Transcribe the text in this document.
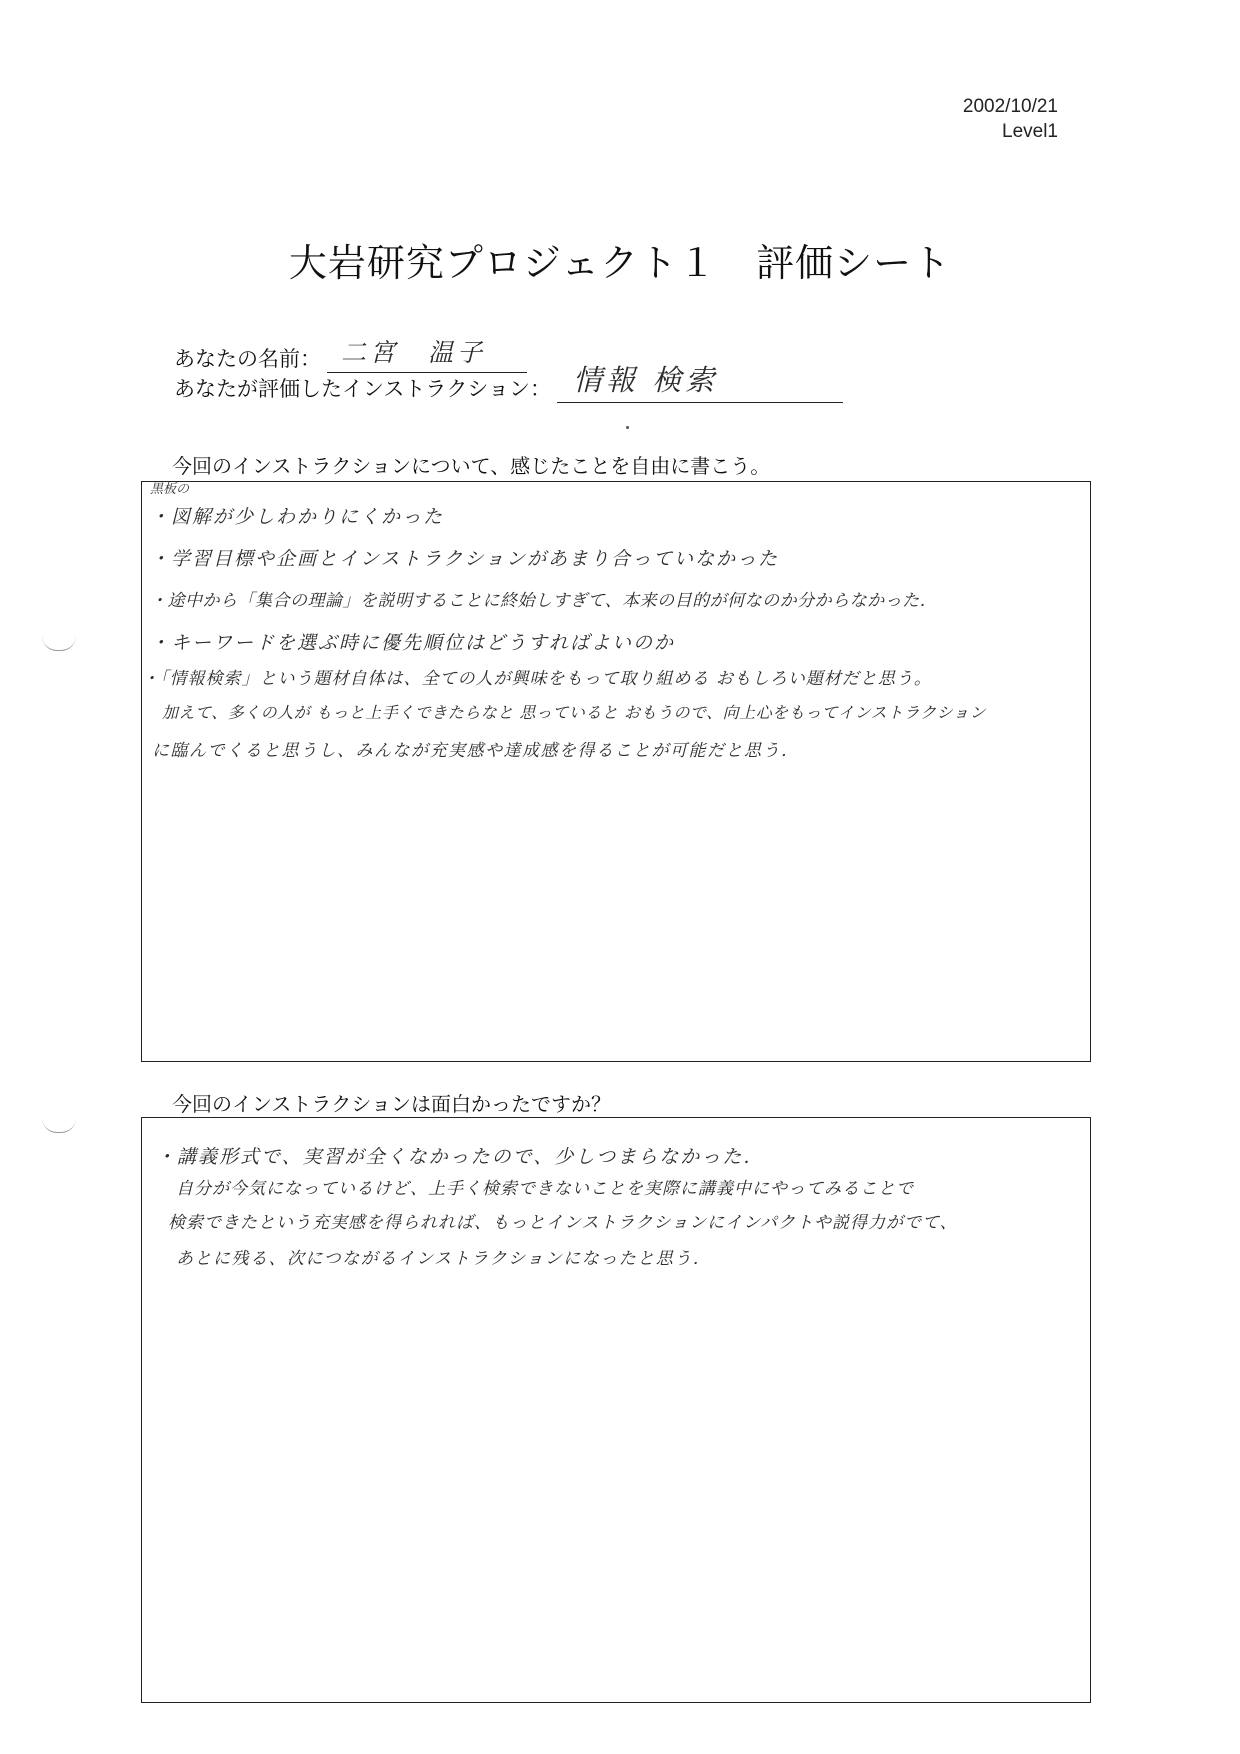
2002/10/21
Level1
大岩研究プロジェクト１　評価シート
あなたの名前： 二宮　温子
あなたが評価したインストラクション： 情報 検索
今回のインストラクションについて、感じたことを自由に書こう。
黒板の
・図解が少しわかりにくかった
・学習目標や企画とインストラクションがあまり合っていなかった
・途中から「集合の理論」を説明することに終始しすぎて、本来の目的が何なのか分からなかった．
・キーワードを選ぶ時に優先順位はどうすればよいのか
・「情報検索」という題材自体は、全ての人が興味をもって取り組める おもしろい題材だと思う。
加えて、多くの人が もっと上手くできたらなと 思っていると おもうので、向上心をもってインストラクション
に臨んでくると思うし、みんなが充実感や達成感を得ることが可能だと思う．
今回のインストラクションは面白かったですか？
・講義形式で、実習が全くなかったので、少しつまらなかった．
自分が今気になっているけど、上手く検索できないことを実際に講義中にやってみることで
検索できたという充実感を得られれば、もっとインストラクションにインパクトや説得力がでて、
あとに残る、次につながるインストラクションになったと思う．
